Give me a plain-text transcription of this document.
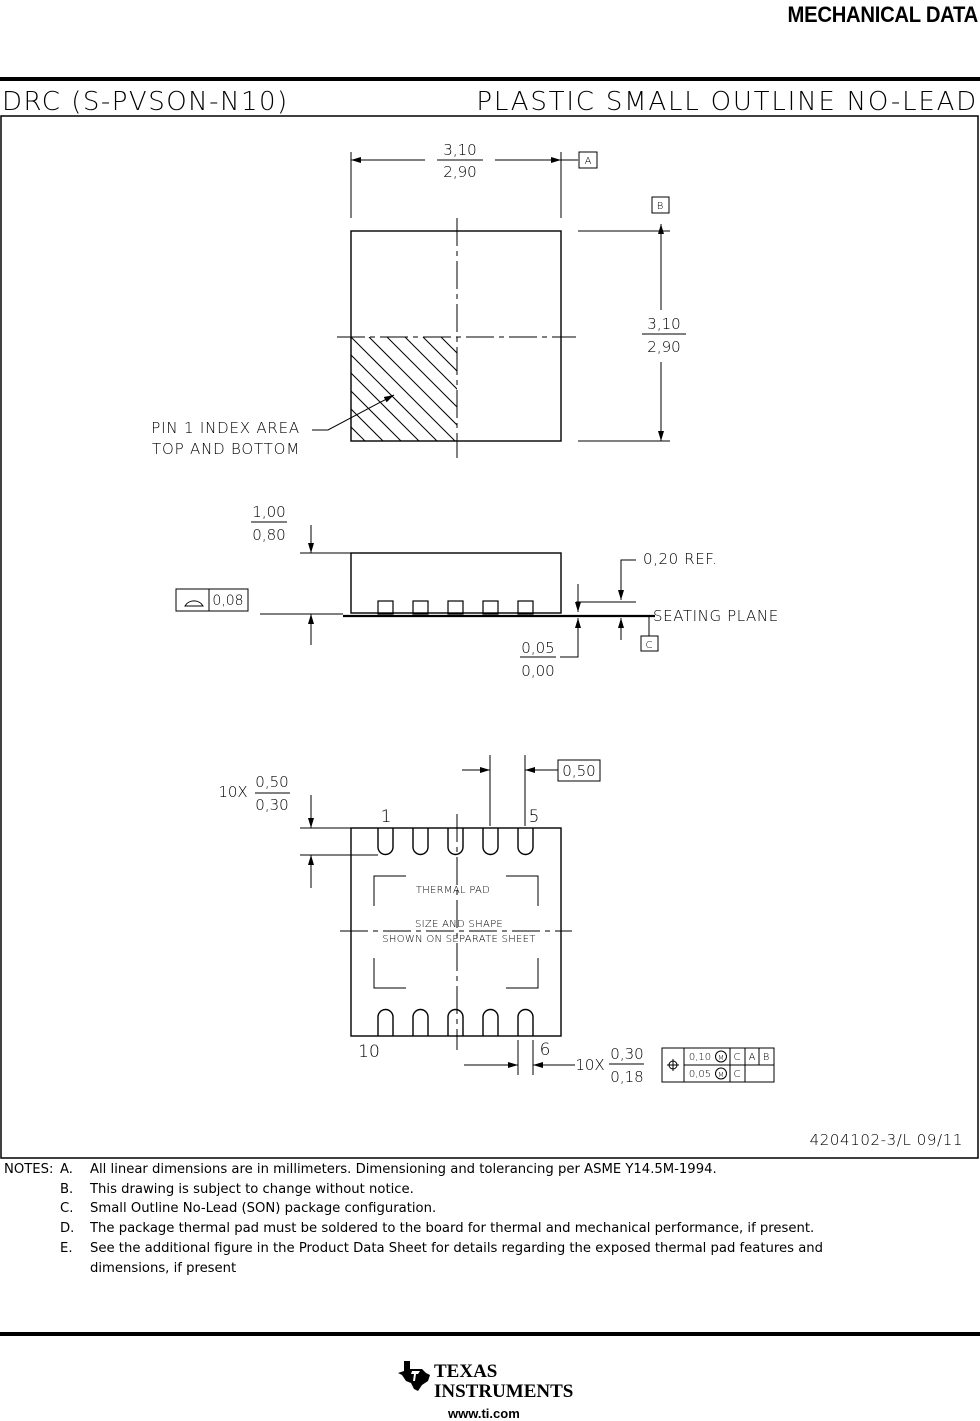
MECHANICAL DATA
DRC (S-PVSON-N10)	PLASTIC SMALL OUTLINE NO-LEAD
3,10
2,90
3,10
2,90
A
B
PIN 1 INDEX AREA
TOP AND BOTTOM
1,00
0,80
0,08
0,20 REF.
SEATING PLANE
C
0,05
0,00
10X
0,50
0,30
0,50
1	5
10	6
THERMAL PAD
SIZE AND SHAPE
SHOWN ON SEPARATE SHEET
10X
0,30
0,18
0,10 M C A B
0,05 M C
4204102-3/L 09/11
NOTES: A. All linear dimensions are in millimeters. Dimensioning and tolerancing per ASME Y14.5M-1994.
B. This drawing is subject to change without notice.
C. Small Outline No-Lead (SON) package configuration.
D. The package thermal pad must be soldered to the board for thermal and mechanical performance, if present.
E. See the additional figure in the Product Data Sheet for details regarding the exposed thermal pad features and dimensions, if present
TEXAS
INSTRUMENTS
www.ti.com
